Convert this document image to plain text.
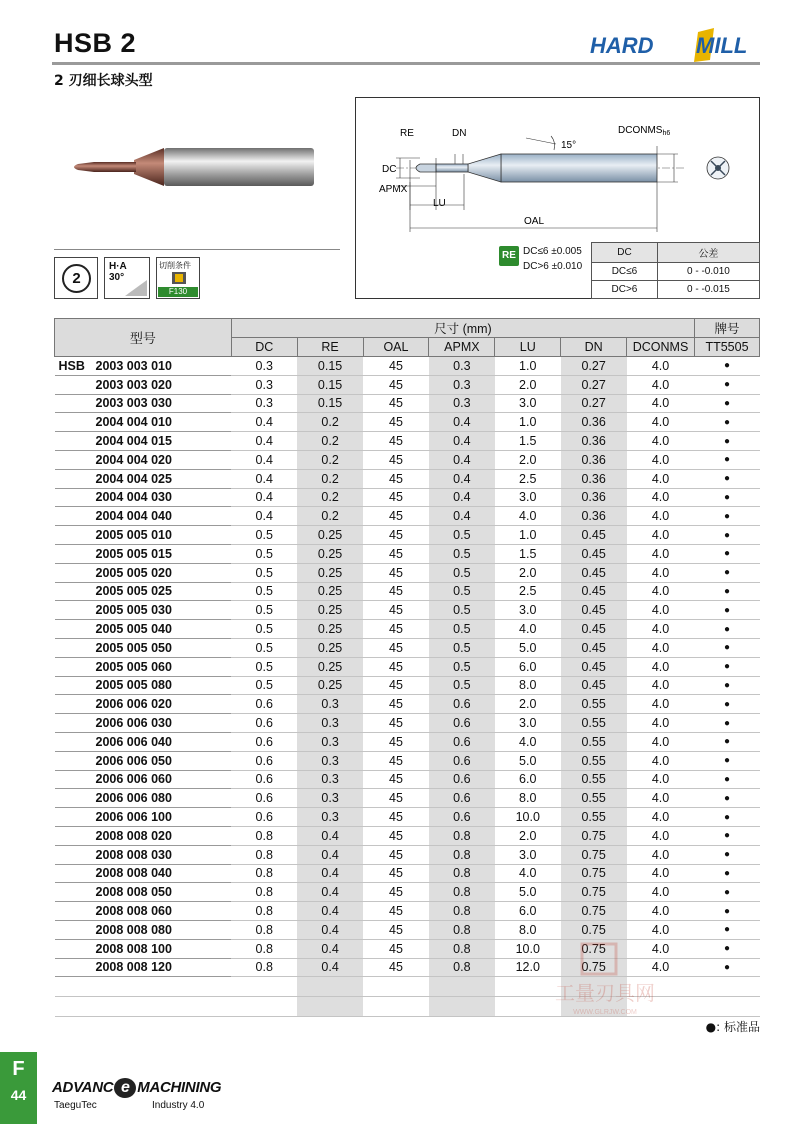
HSB 2
2 刃细长球头型
HARD MILL
2
H·A
30°
切削条件
F130
RE	DN
DC
APMX
LU
OAL
$DCONMS_{h6}$
15°
RE DC≤6 ±0.005
DC>6 ±0.010
DC	公差
DC≤6	0 - -0.010
DC>6	0 - -0.015
型号	尺寸 (mm)							牌号
	DC	RE	OAL	APMX	LU	DN	DCONMS	TT5505
HSB 2003 003 010	0.3	0.15	45	0.3	1.0	0.27	4.0	●
2003 003 020	0.3	0.15	45	0.3	2.0	0.27	4.0	●
2003 003 030	0.3	0.15	45	0.3	3.0	0.27	4.0	●
2004 004 010	0.4	0.2	45	0.4	1.0	0.36	4.0	●
2004 004 015	0.4	0.2	45	0.4	1.5	0.36	4.0	●
2004 004 020	0.4	0.2	45	0.4	2.0	0.36	4.0	●
2004 004 025	0.4	0.2	45	0.4	2.5	0.36	4.0	●
2004 004 030	0.4	0.2	45	0.4	3.0	0.36	4.0	●
2004 004 040	0.4	0.2	45	0.4	4.0	0.36	4.0	●
2005 005 010	0.5	0.25	45	0.5	1.0	0.45	4.0	●
2005 005 015	0.5	0.25	45	0.5	1.5	0.45	4.0	●
2005 005 020	0.5	0.25	45	0.5	2.0	0.45	4.0	●
2005 005 025	0.5	0.25	45	0.5	2.5	0.45	4.0	●
2005 005 030	0.5	0.25	45	0.5	3.0	0.45	4.0	●
2005 005 040	0.5	0.25	45	0.5	4.0	0.45	4.0	●
2005 005 050	0.5	0.25	45	0.5	5.0	0.45	4.0	●
2005 005 060	0.5	0.25	45	0.5	6.0	0.45	4.0	●
2005 005 080	0.5	0.25	45	0.5	8.0	0.45	4.0	●
2006 006 020	0.6	0.3	45	0.6	2.0	0.55	4.0	●
2006 006 030	0.6	0.3	45	0.6	3.0	0.55	4.0	●
2006 006 040	0.6	0.3	45	0.6	4.0	0.55	4.0	●
2006 006 050	0.6	0.3	45	0.6	5.0	0.55	4.0	●
2006 006 060	0.6	0.3	45	0.6	6.0	0.55	4.0	●
2006 006 080	0.6	0.3	45	0.6	8.0	0.55	4.0	●
2006 006 100	0.6	0.3	45	0.6	10.0	0.55	4.0	●
2008 008 020	0.8	0.4	45	0.8	2.0	0.75	4.0	●
2008 008 030	0.8	0.4	45	0.8	3.0	0.75	4.0	●
2008 008 040	0.8	0.4	45	0.8	4.0	0.75	4.0	●
2008 008 050	0.8	0.4	45	0.8	5.0	0.75	4.0	●
2008 008 060	0.8	0.4	45	0.8	6.0	0.75	4.0	●
2008 008 080	0.8	0.4	45	0.8	8.0	0.75	4.0	●
2008 008 100	0.8	0.4	45	0.8	10.0	0.75	4.0	●
2008 008 120	0.8	0.4	45	0.8	12.0	0.75	4.0	●

工量刃具网
WWW.GLRJW.COM
●: 标准品
F
44	ADVANC e MACHINING
TaeguTec	Industry 4.0
